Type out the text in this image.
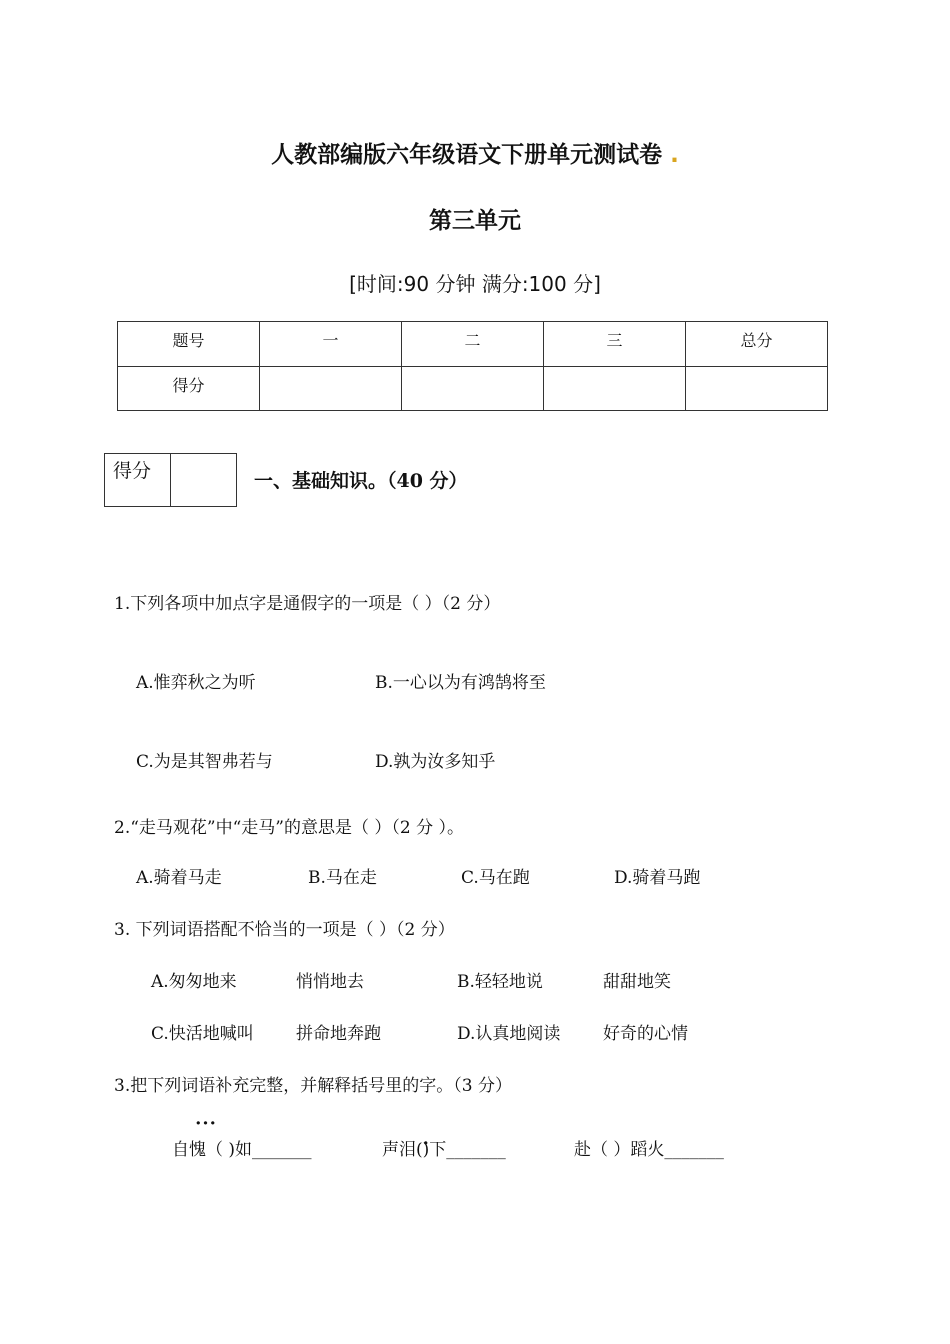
人教部编版六年级语文下册单元测试卷 .
第三单元
[时间:90 分钟 满分:100 分]
题号	一	二	三	总分
得分				
得分	一、基础知识。（40 分）
1.下列各项中加点字是通假字的一项是（ ）（2 分）
A.惟弈秋之为听	B.一心以为有鸿鹄将至
C.为是其智弗若与	D.孰为汝多知乎
2.“走马观花”中“走马”的意思是（ ）（2 分 ）。
A.骑着马走	B.马在走	C.马在跑	D.骑着马跑
3. 下列词语搭配不恰当的一项是（ ）（2 分）
A.匆匆地来	悄悄地去	B.轻轻地说	甜甜地笑
C.快活地喊叫 拼命地奔跑	D.认真地阅读	好奇的心情
3.把下列词语补充完整，并解释括号里的字。（3 分）
自··· 愧（ )如_______	声泪()下_______	赴（ ）蹈火_______
